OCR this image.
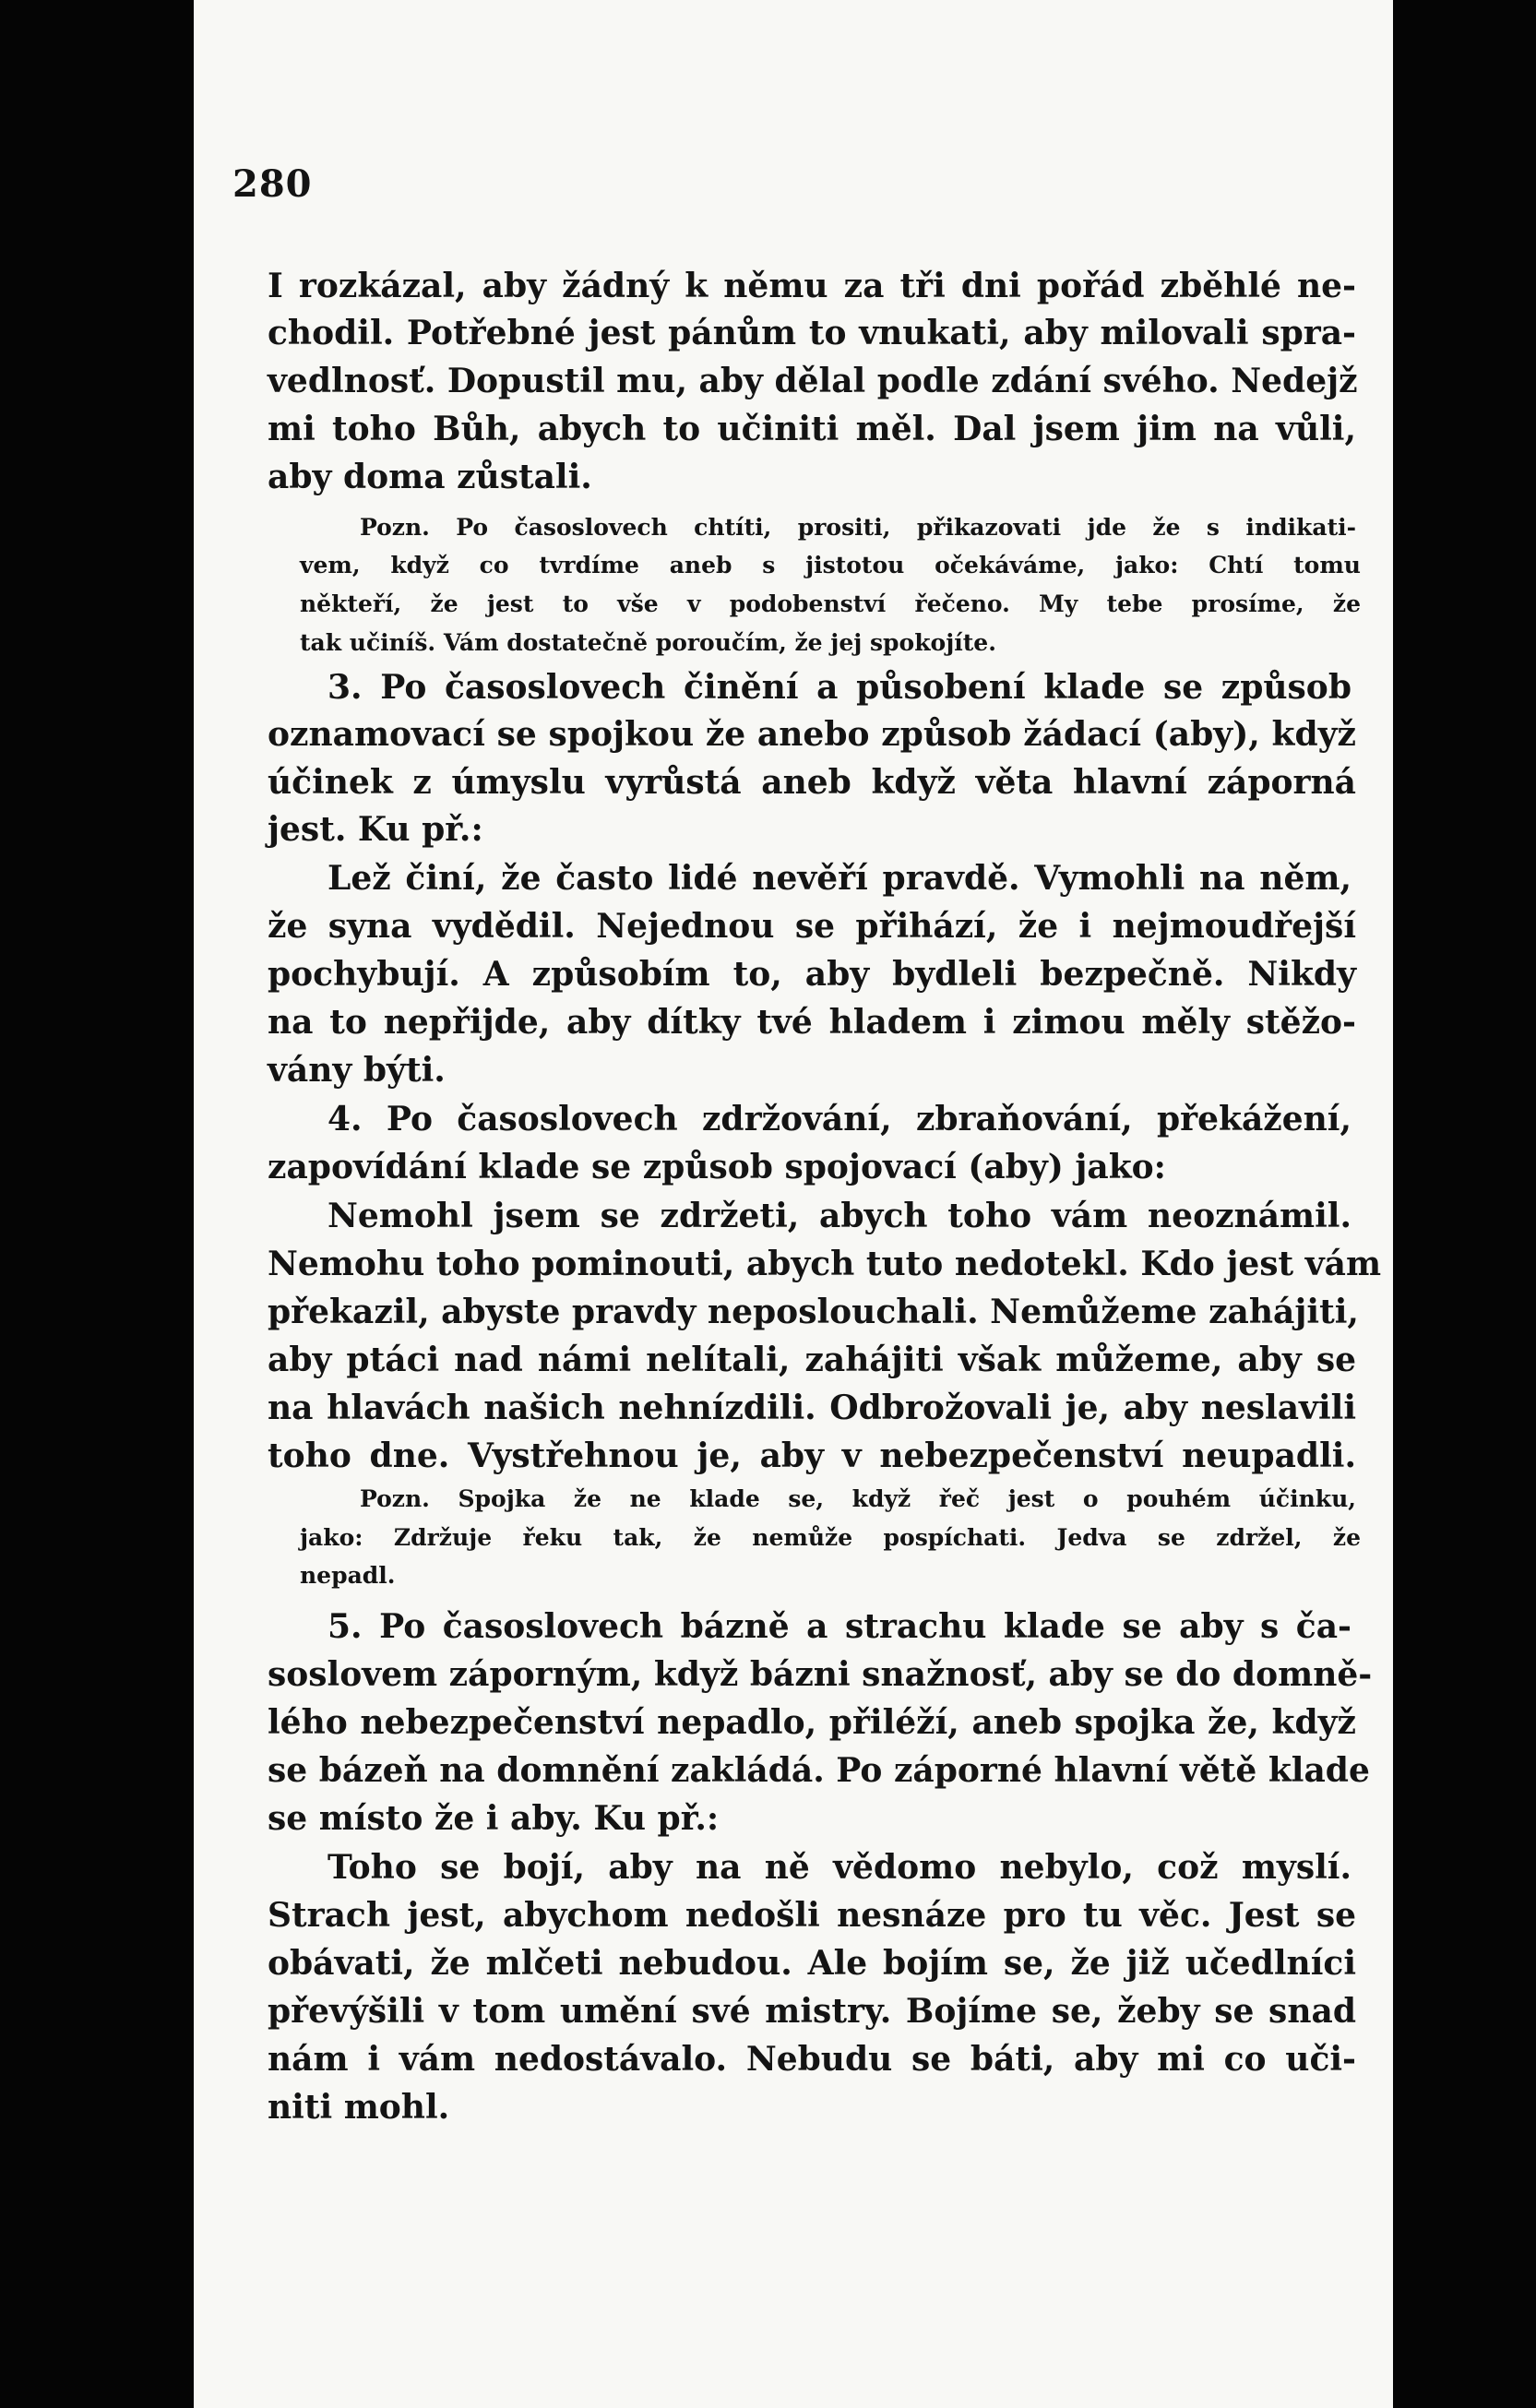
280
I rozkázal, aby žádný k němu za tři dni pořád zběhlé ne-
chodil. Potřebné jest pánům to vnukati, aby milovali spra-
vedlnosť. Dopustil mu, aby dělal podle zdání svého. Nedejž
mi toho Bůh, abych to učiniti měl. Dal jsem jim na vůli,
aby doma zůstali.
Pozn. Po časoslovech chtíti, prositi, přikazovati jde že s indikati-
vem, když co tvrdíme aneb s jistotou očekáváme, jako: Chtí tomu
někteří, že jest to vše v podobenství řečeno. My tebe prosíme, že
tak učiníš. Vám dostatečně poroučím, že jej spokojíte.
3. Po časoslovech činění a působení klade se způsob
oznamovací se spojkou že anebo způsob žádací (aby), když
účinek z úmyslu vyrůstá aneb když věta hlavní záporná
jest. Ku př.:
Lež činí, že často lidé nevěří pravdě. Vymohli na něm,
že syna vydědil. Nejednou se přihází, že i nejmoudřejší
pochybují. A způsobím to, aby bydleli bezpečně. Nikdy
na to nepřijde, aby dítky tvé hladem i zimou měly stěžo-
vány býti.
4. Po časoslovech zdržování, zbraňování, překážení,
zapovídání klade se způsob spojovací (aby) jako:
Nemohl jsem se zdržeti, abych toho vám neoznámil.
Nemohu toho pominouti, abych tuto nedotekl. Kdo jest vám
překazil, abyste pravdy neposlouchali. Nemůžeme zaháјiti,
aby ptáci nad námi nelítali, zaháјiti však můžeme, aby se
na hlavách našich nehnízdili. Odbrožovali je, aby neslavili
toho dne. Vystřehnou je, aby v nebezpečenství neupadli.
Pozn. Spojka že ne klade se, když řeč jest o pouhém účinku,
jako: Zdržuje řeku tak, že nemůže pospíchati. Jedva se zdržel, že
nepadl.
5. Po časoslovech bázně a strachu klade se aby s ča-
soslovem záporným, když bázni snažnosť, aby se do domně-
lého nebezpečenství nepadlo, přiléží, aneb spojka že, když
se bázeň na domnění zakládá. Po záporné hlavní větě klade
se místo že i aby. Ku př.:
Toho se bojí, aby na ně vědomo nebylo, což myslí.
Strach jest, abychom nedošli nesnáze pro tu věc. Jest se
obávati, že mlčeti nebudou. Ale bojím se, že již učedlníci
převýšili v tom umění své mistry. Bojíme se, žeby se snad
nám i vám nedostávalo. Nebudu se báti, aby mi co uči-
niti mohl.
